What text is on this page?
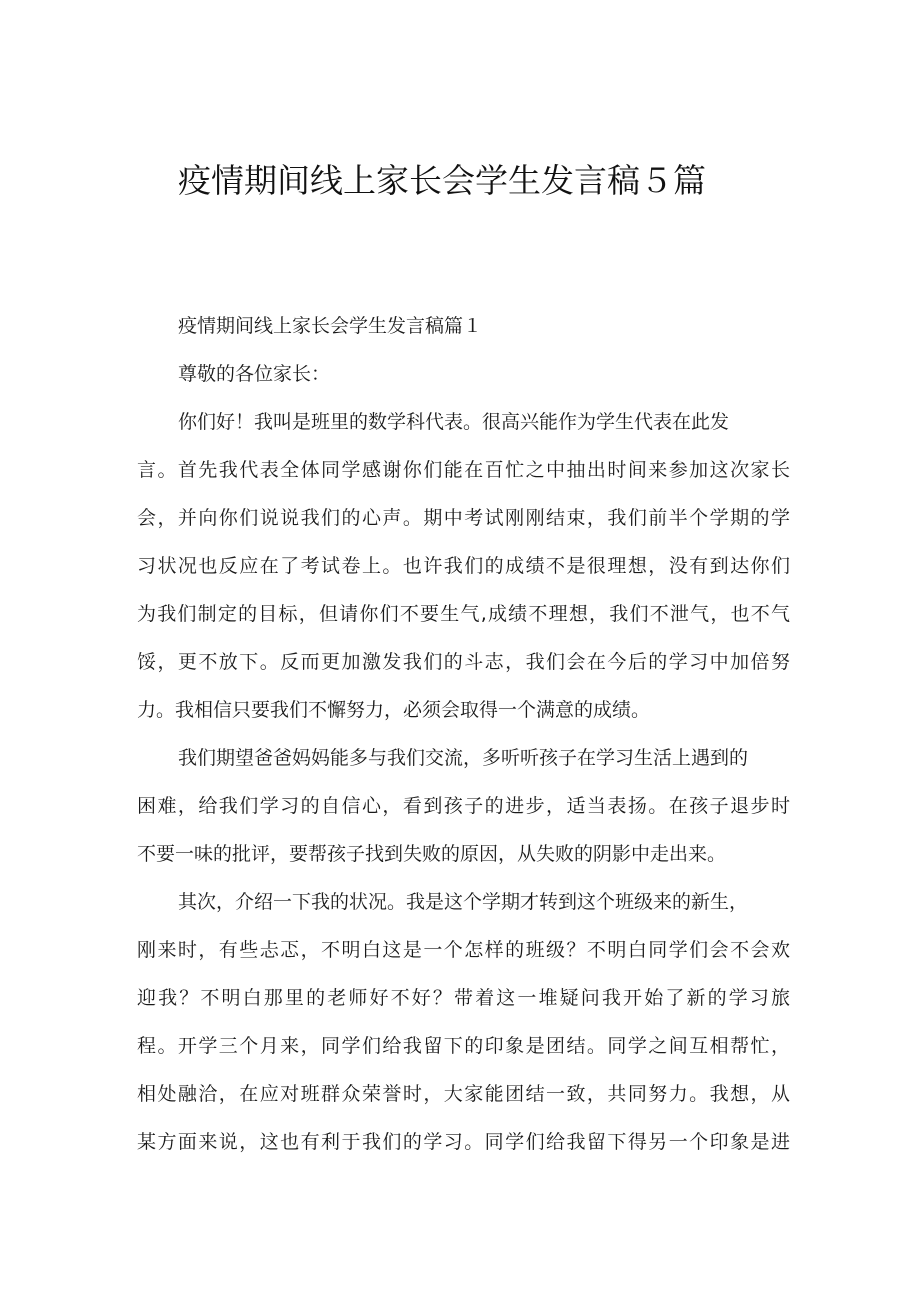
疫情期间线上家长会学生发言稿５篇

疫情期间线上家长会学生发言稿篇１

尊敬的各位家长：

你们好！我叫是班里的数学科代表。很高兴能作为学生代表在此发

言。首先我代表全体同学感谢你们能在百忙之中抽出时间来参加这次家长

会，并向你们说说我们的心声。期中考试刚刚结束，我们前半个学期的学

习状况也反应在了考试卷上。也许我们的成绩不是很理想，没有到达你们

为我们制定的目标，但请你们不要生气,成绩不理想，我们不泄气，也不气

馁，更不放下。反而更加激发我们的斗志，我们会在今后的学习中加倍努

力。我相信只要我们不懈努力，必须会取得一个满意的成绩。

我们期望爸爸妈妈能多与我们交流，多听听孩子在学习生活上遇到的

困难，给我们学习的自信心，看到孩子的进步，适当表扬。在孩子退步时

不要一味的批评，要帮孩子找到失败的原因，从失败的阴影中走出来。

其次，介绍一下我的状况。我是这个学期才转到这个班级来的新生，

刚来时，有些忐忑，不明白这是一个怎样的班级？不明白同学们会不会欢

迎我？不明白那里的老师好不好？带着这一堆疑问我开始了新的学习旅

程。开学三个月来，同学们给我留下的印象是团结。同学之间互相帮忙，

相处融洽，在应对班群众荣誉时，大家能团结一致，共同努力。我想，从

某方面来说，这也有利于我们的学习。同学们给我留下得另一个印象是进
